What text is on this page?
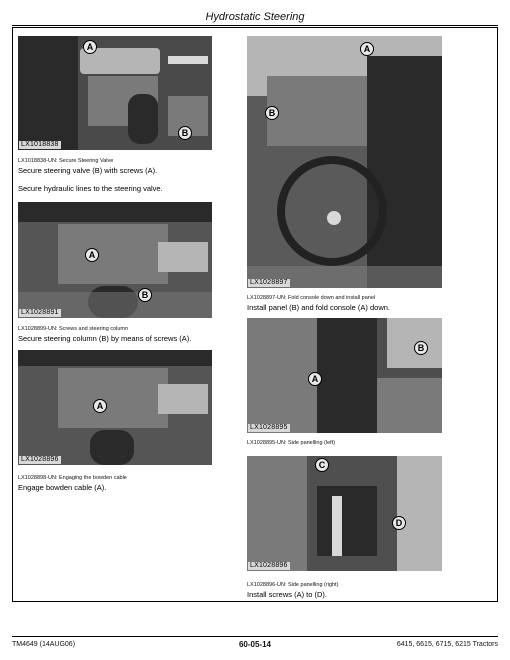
Hydrostatic Steering
LX1018838
A
B
LX1018838-UN: Secure Steering Valve
Secure steering valve (B) with screws (A).
Secure hydraulic lines to the steering valve.
LX1028891
A
B
LX1028899-UN: Screws and steering column
Secure steering column (B) by means of screws (A).
LX1028896
A
LX1028898-UN: Engaging the bowden cable
Engage bowden cable (A).
LX1028897
A
B
LX1028897-UN: Fold console down and install panel
Install panel (B) and fold console (A) down.
LX1028895
A
B
LX1028895-UN: Side panelling (left)
LX1028896
C
D
LX1028896-UN: Side panelling (right)
Install screws (A) to (D).
TM4649 (14AUG06)	60-05-14	6415, 6615, 6715, 6215 Tractors
